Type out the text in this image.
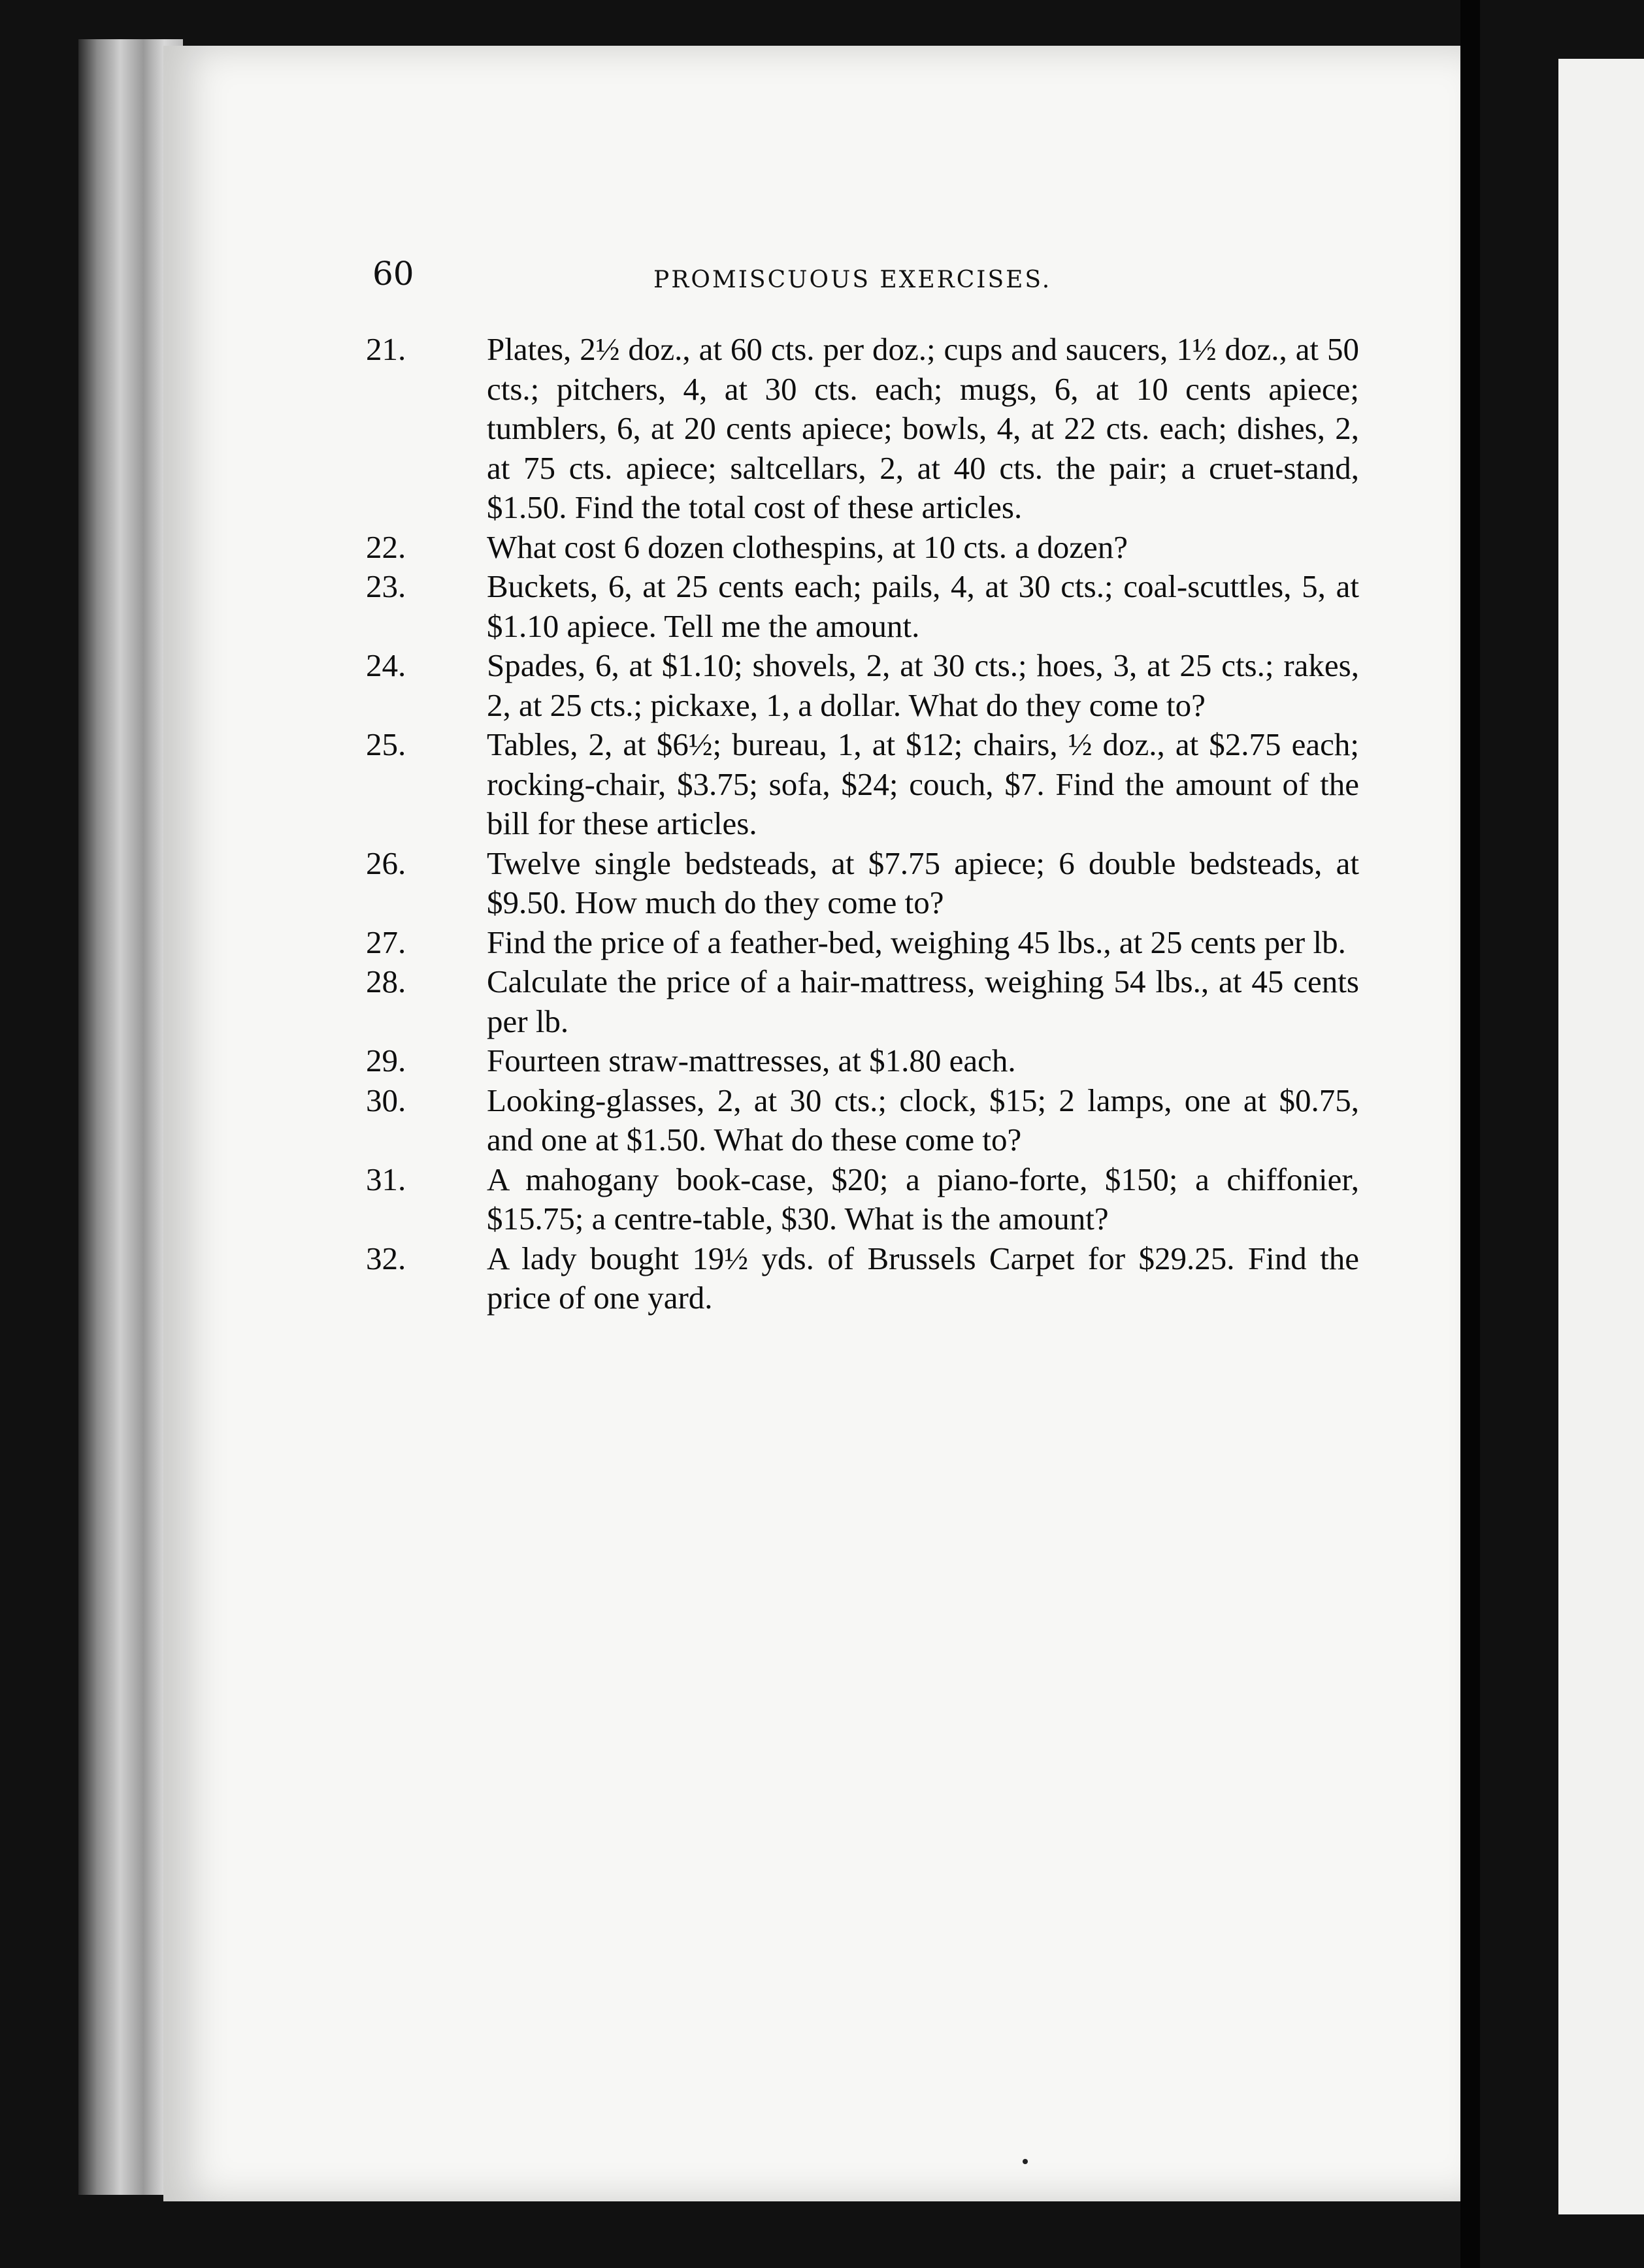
60	PROMISCUOUS EXERCISES.
21.	Plates, 2½ doz., at 60 cts. per doz.; cups and saucers, 1½ doz., at 50 cts.; pitchers, 4, at 30 cts. each; mugs, 6, at 10 cents apiece; tumblers, 6, at 20 cents apiece; bowls, 4, at 22 cts. each; dishes, 2, at 75 cts. apiece; saltcellars, 2, at 40 cts. the pair; a cruet-stand, $1.50. Find the total cost of these articles.
22.	What cost 6 dozen clothespins, at 10 cts. a dozen?
23.	Buckets, 6, at 25 cents each; pails, 4, at 30 cts.; coal-scuttles, 5, at $1.10 apiece. Tell me the amount.
24.	Spades, 6, at $1.10; shovels, 2, at 30 cts.; hoes, 3, at 25 cts.; rakes, 2, at 25 cts.; pickaxe, 1, a dollar. What do they come to?
25.	Tables, 2, at $6½; bureau, 1, at $12; chairs, ½ doz., at $2.75 each; rocking-chair, $3.75; sofa, $24; couch, $7. Find the amount of the bill for these articles.
26.	Twelve single bedsteads, at $7.75 apiece; 6 double bedsteads, at $9.50. How much do they come to?
27.	Find the price of a feather-bed, weighing 45 lbs., at 25 cents per lb.
28.	Calculate the price of a hair-mattress, weighing 54 lbs., at 45 cents per lb.
29.	Fourteen straw-mattresses, at $1.80 each.
30.	Looking-glasses, 2, at 30 cts.; clock, $15; 2 lamps, one at $0.75, and one at $1.50. What do these come to?
31.	A mahogany book-case, $20; a piano-forte, $150; a chiffonier, $15.75; a centre-table, $30. What is the amount?
32.	A lady bought 19½ yds. of Brussels Carpet for $29.25. Find the price of one yard.
